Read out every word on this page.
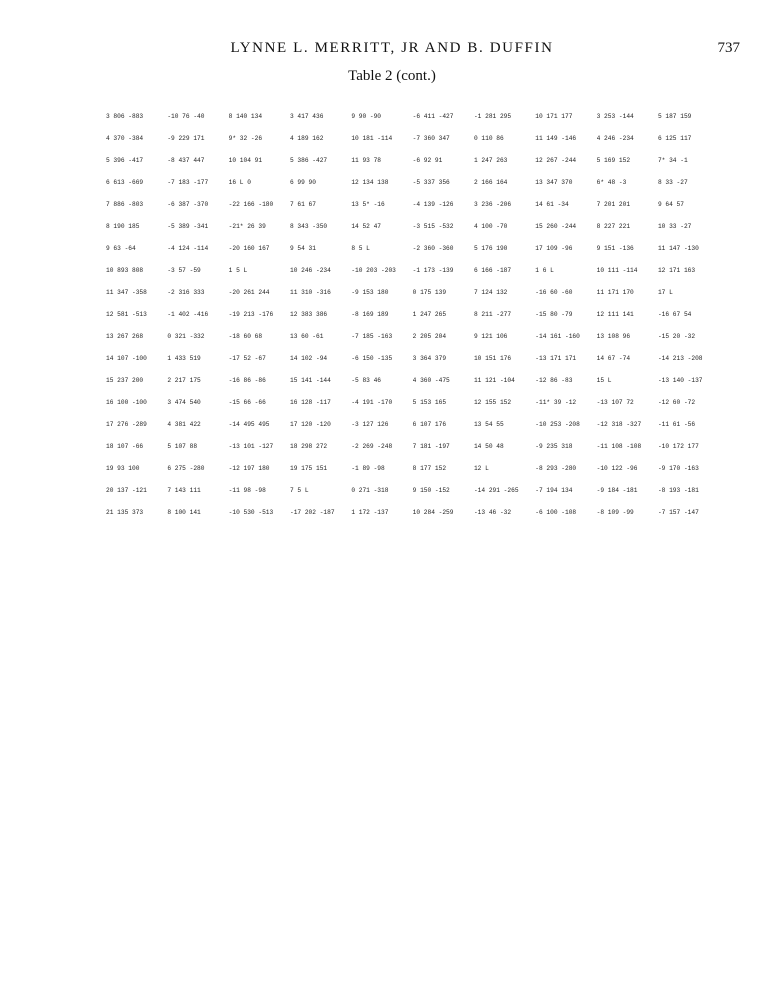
LYNNE L. MERRITT, JR AND B. DUFFIN	737
Table 2 (cont.)

3 806 -883

4 370 -384

5 396 -417

6 613 -669

7 886 -803

8 190 185

9 63 -64

10 893 808

11 347 -358

12 581 -513

13 267 268

14 107 -100

15 237 200

16 100 -100

17 276 -289

18 107 -66

19 93 100

20 137 -121

21 135 373

-10 76 -40

-9 229 171

-8 437 447

-7 183 -177

-6 387 -370

-5 389 -341

-4 124 -114

-3 57 -59

-2 316 333

-1 402 -416

0 321 -332

1 433 519

2 217 175

3 474 540

4 381 422

5 107 88

6 275 -280

7 143 111

8 100 141

8 140 134

9* 32 -26

10 104 91

16 L 0

-22 166 -180

-21* 26 39

-20 160 167

1 5 L

-20 261 244

-19 213 -176

-18 60 68

-17 52 -67

-16 86 -86

-15 66 -66

-14 495 495

-13 101 -127

-12 197 180

-11 98 -98

-10 530 -513

3 417 436

4 189 162

5 386 -427

6 99 90

7 61 67

8 343 -350

9 54 31

10 246 -234

11 310 -316

12 383 386

13 60 -61

14 102 -94

15 141 -144

16 128 -117

17 120 -120

18 298 272

19 175 151

7 5 L

-17 202 -187

9 90 -90

10 181 -114

11 93 78

12 134 138

13 5* -16

14 52 47

8 5 L

-10 203 -203

-9 153 180

-8 169 189

-7 185 -163

-6 150 -135

-5 83 46

-4 191 -170

-3 127 126

-2 269 -248

-1 89 -98

0 271 -318

1 172 -137

-6 411 -427

-7 360 347

-6 92 91

-5 337 356

-4 139 -126

-3 515 -532

-2 360 -360

-1 173 -139

0 175 139

1 247 265

2 205 204

3 364 379

4 360 -475

5 153 165

6 107 176

7 181 -197

8 177 152

9 150 -152

10 284 -259

-1 281 295

0 110 86

1 247 263

2 166 164

3 236 -206

4 100 -70

5 176 190

6 166 -187

7 124 132

8 211 -277

9 121 106

10 151 176

11 121 -104

12 155 152

13 54 55

14 50 48

12 L

-14 291 -265

-13 46 -32

10 171 177

11 149 -146

12 267 -244

13 347 370

14 61 -34

15 260 -244

17 109 -96

1 6 L

-16 60 -60

-15 80 -79

-14 161 -160

-13 171 171

-12 86 -83

-11* 39 -12

-10 253 -208

-9 235 318

-8 293 -280

-7 194 134

-6 100 -108

3 253 -144

4 246 -234

5 169 152

6* 48 -3

7 201 201

8 227 221

9 151 -136

10 111 -114

11 171 170

12 111 141

13 108 96

14 67 -74

15 L

-13 107 72

-12 318 -327

-11 108 -108

-10 122 -96

-9 184 -181

-8 109 -99

5 187 159

6 125 117

7* 34 -1

8 33 -27

9 64 57

10 33 -27

11 147 -130

12 171 163

17 L

-16 67 54

-15 20 -32

-14 213 -208

-13 140 -137

-12 60 -72

-11 61 -56

-10 172 177

-9 170 -163

-8 193 -181

-7 157 -147
